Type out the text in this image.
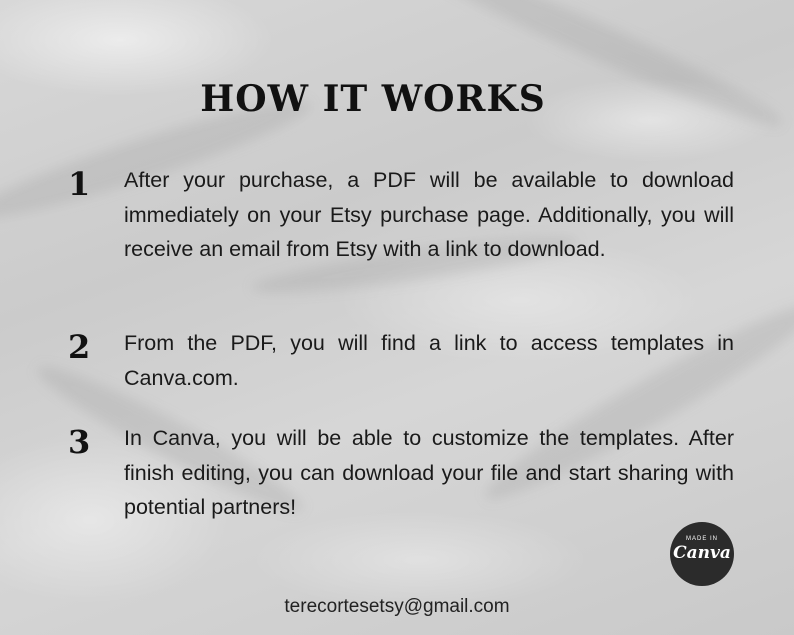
HOW IT WORKS
1 After your purchase, a PDF will be available to download immediately on your Etsy purchase page. Additionally, you will receive an email from Etsy with a link to download.
2 From the PDF, you will find a link to access templates in Canva.com.
3 In Canva, you will be able to customize the templates. After finish editing, you can download your file and start sharing with potential partners!
MADE IN
Canva
terecortesetsy@gmail.com
